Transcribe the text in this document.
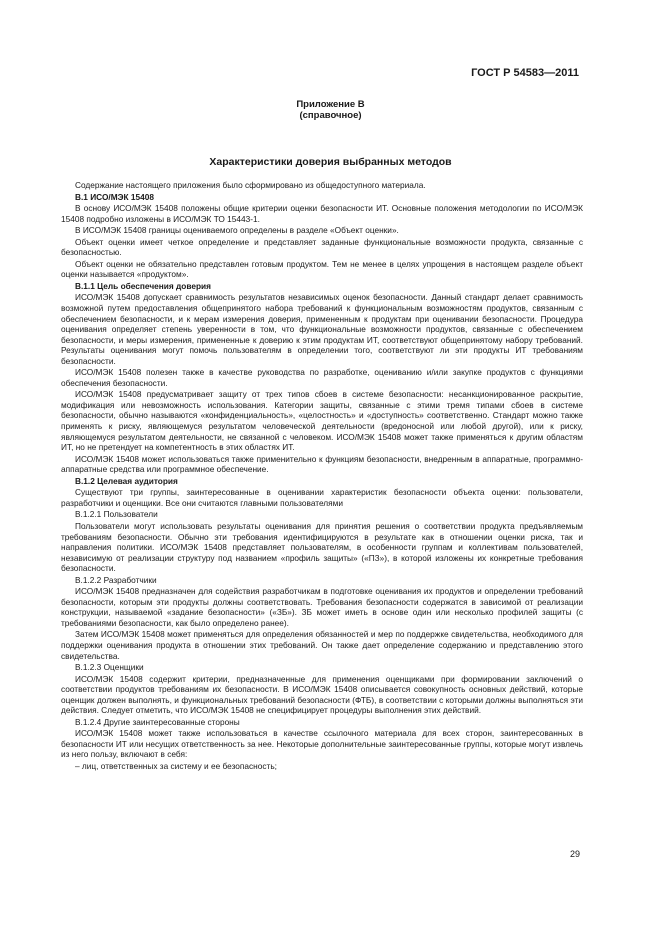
ГОСТ Р 54583—2011
Приложение В
(справочное)
Характеристики доверия выбранных методов

Содержание настоящего приложения было сформировано из общедоступного материала.

В.1 ИСО/МЭК 15408

В основу ИСО/МЭК 15408 положены общие критерии оценки безопасности ИТ. Основные положения методологии по ИСО/МЭК 15408 подробно изложены в ИСО/МЭК ТО 15443-1.

В ИСО/МЭК 15408 границы оцениваемого определены в разделе «Объект оценки».

Объект оценки имеет четкое определение и представляет заданные функциональные возможности продукта, связанные с безопасностью.

Объект оценки не обязательно представлен готовым продуктом. Тем не менее в целях упрощения в настоящем разделе объект оценки называется «продуктом».

В.1.1 Цель обеспечения доверия

ИСО/МЭК 15408 допускает сравнимость результатов независимых оценок безопасности. Данный стандарт делает сравнимость возможной путем предоставления общепринятого набора требований к функциональным возможностям продуктов, связанным с обеспечением безопасности, и к мерам измерения доверия, примененным к продуктам при оценивании безопасности. Процедура оценивания определяет степень уверенности в том, что функциональные возможности продуктов, связанные с обеспечением безопасности, и меры измерения, примененные к доверию к этим продуктам ИТ, соответствуют общепринятому набору требований. Результаты оценивания могут помочь пользователям в определении того, соответствуют ли эти продукты ИТ требованиям безопасности.

ИСО/МЭК 15408 полезен также в качестве руководства по разработке, оцениванию и/или закупке продуктов с функциями обеспечения безопасности.

ИСО/МЭК 15408 предусматривает защиту от трех типов сбоев в системе безопасности: несанкционированное раскрытие, модификация или невозможность использования. Категории защиты, связанные с этими тремя типами сбоев в системе безопасности, обычно называются «конфиденциальность», «целостность» и «доступность» соответственно. Стандарт можно также применять к риску, являющемуся результатом человеческой деятельности (вредоносной или любой другой), или к риску, являющемуся результатом деятельности, не связанной с человеком. ИСО/МЭК 15408 может также применяться к другим областям ИТ, но не претендует на компетентность в этих областях ИТ.

ИСО/МЭК 15408 может использоваться также применительно к функциям безопасности, внедренным в аппаратные, программно-аппаратные средства или программное обеспечение.

В.1.2 Целевая аудитория

Существуют три группы, заинтересованные в оценивании характеристик безопасности объекта оценки: пользователи, разработчики и оценщики. Все они считаются главными пользователями

В.1.2.1 Пользователи

Пользователи могут использовать результаты оценивания для принятия решения о соответствии продукта предъявляемым требованиям безопасности. Обычно эти требования идентифицируются в результате как в отношении оценки риска, так и направления политики. ИСО/МЭК 15408 представляет пользователям, в особенности группам и коллективам пользователей, независимую от реализации структуру под названием «профиль защиты» («ПЗ»), в которой изложены их конкретные требования безопасности.

В.1.2.2 Разработчики

ИСО/МЭК 15408 предназначен для содействия разработчикам в подготовке оценивания их продуктов и определении требований безопасности, которым эти продукты должны соответствовать. Требования безопасности содержатся в зависимой от реализации конструкции, называемой «задание безопасности» («ЗБ»). ЗБ может иметь в основе один или несколько профилей защиты (с требованиями безопасности, как было определено ранее).

Затем ИСО/МЭК 15408 может применяться для определения обязанностей и мер по поддержке свидетельства, необходимого для поддержки оценивания продукта в отношении этих требований. Он также дает определение содержанию и представлению этого свидетельства.

В.1.2.3 Оценщики

ИСО/МЭК 15408 содержит критерии, предназначенные для применения оценщиками при формировании заключений о соответствии продуктов требованиям их безопасности. В ИСО/МЭК 15408 описывается совокупность основных действий, которые оценщик должен выполнять, и функциональных требований безопасности (ФТБ), в соответствии с которыми должны выполняться эти действия. Следует отметить, что ИСО/МЭК 15408 не специфицирует процедуры выполнения этих действий.

В.1.2.4 Другие заинтересованные стороны

ИСО/МЭК 15408 может также использоваться в качестве ссылочного материала для всех сторон, заинтересованных в безопасности ИТ или несущих ответственность за нее. Некоторые дополнительные заинтересованные группы, которые могут извлечь из него пользу, включают в себя:

– лиц, ответственных за систему и ее безопасность;

29
